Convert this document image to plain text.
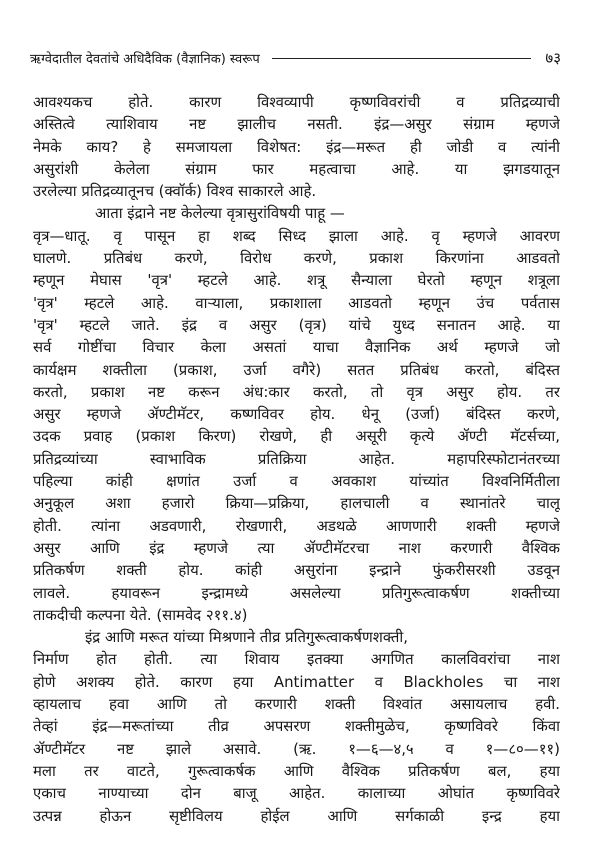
ऋग्वेदातील देवतांचे अधिदैविक (वैज्ञानिक) स्वरूप	७३
आवश्यकच होते. कारण विश्वव्यापी कृष्णविवरांची व प्रतिद्रव्याची
अस्तित्वे त्याशिवाय नष्ट झालीच नसती. इंद्र—असुर संग्राम म्हणजे
नेमके काय? हे समजायला विशेषत: इंद्र—मरूत ही जोडी व त्यांनी
असुरांशी केलेला संग्राम फार महत्वाचा आहे. या झगडयातून
उरलेल्या प्रतिद्रव्यातूनच (क्वॉर्क) विश्व साकारले आहे.
आता इंद्राने नष्ट केलेल्या वृत्रासुरांविषयी पाहू —
वृत्र—धातू. वृ पासून हा शब्द सिध्द झाला आहे. वृ म्हणजे आवरण
घालणे. प्रतिबंध करणे, विरोध करणे, प्रकाश किरणांना आडवतो
म्हणून मेघास 'वृत्र' म्हटले आहे. शत्रू सैन्याला घेरतो म्हणून शत्रूला
'वृत्र' म्हटले आहे. वाऱ्याला, प्रकाशाला आडवतो म्हणून उंच पर्वतास
'वृत्र' म्हटले जाते. इंद्र व असुर (वृत्र) यांचे युध्द सनातन आहे. या
सर्व गोष्टींचा विचार केला असतां याचा वैज्ञानिक अर्थ म्हणजे जो
कार्यक्षम शक्तीला (प्रकाश, उर्जा वगैरे) सतत प्रतिबंध करतो, बंदिस्त
करतो, प्रकाश नष्ट करून अंध:कार करतो, तो वृत्र असुर होय. तर
असुर म्हणजे ॲण्टीमॅटर, कष्णविवर होय. धेनू (उर्जा) बंदिस्त करणे,
उदक प्रवाह (प्रकाश किरण) रोखणे, ही असूरी कृत्ये ॲण्टी मॅटर्सच्या,
प्रतिद्रव्यांच्या स्वाभाविक प्रतिक्रिया आहेत. महापरिस्फोटानंतरच्या
पहिल्या कांही क्षणांत उर्जा व अवकाश यांच्यांत विश्वनिर्मितीला
अनुकूल अशा हजारो क्रिया—प्रक्रिया, हालचाली व स्थानांतरे चालू
होती. त्यांना अडवणारी, रोखणारी, अडथळे आणणारी शक्ती म्हणजे
असुर आणि इंद्र म्हणजे त्या ॲण्टीमॅटरचा नाश करणारी वैश्विक
प्रतिकर्षण शक्ती होय. कांही असुरांना इन्द्राने फुंकरीसरशी उडवून
लावले. हयावरून इन्द्रामध्ये असलेल्या प्रतिगुरूत्वाकर्षण शक्तीच्या
ताकदीची कल्पना येते. (सामवेद २११.४)
इंद्र आणि मरूत यांच्या मिश्रणाने तीव्र प्रतिगुरूत्वाकर्षणशक्ती,
निर्माण होत होती. त्या शिवाय इतक्या अगणित कालविवरांचा नाश
होणे अशक्य होते. कारण हया Antimatter व Blackholes चा नाश
व्हायलाच हवा आणि तो करणारी शक्ती विश्वांत असायलाच हवी.
तेव्हां इंद्र—मरूतांच्या तीव्र अपसरण शक्तीमुळेच, कृष्णविवरे किंवा
ॲण्टीमॅटर नष्ट झाले असावे. (ऋ. १—६—४,५ व १—८०—११)
मला तर वाटते, गुरूत्वाकर्षक आणि वैश्विक प्रतिकर्षण बल, हया
एकाच नाण्याच्या दोन बाजू आहेत. कालाच्या ओघांत कृष्णविवरे
उत्पन्न होऊन सृष्टीविलय होईल आणि सर्गकाळी इन्द्र हया
